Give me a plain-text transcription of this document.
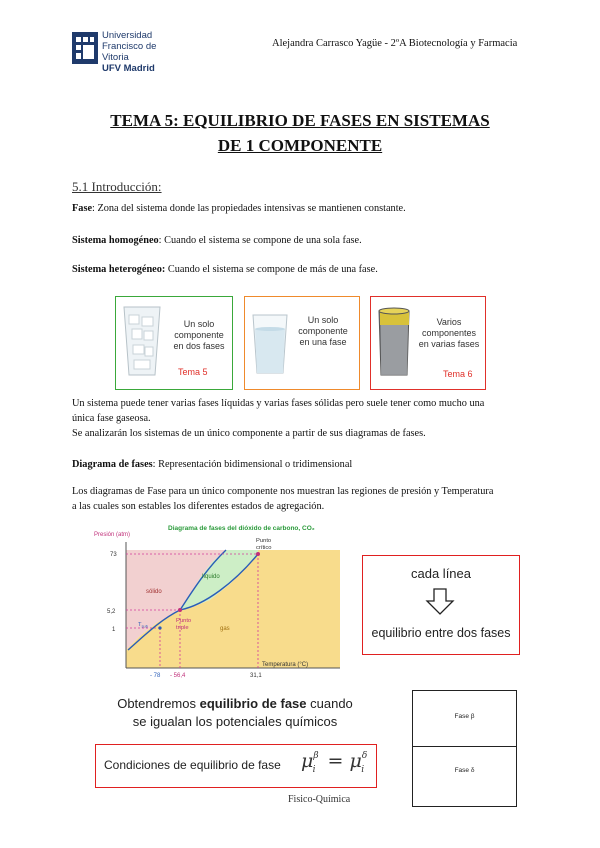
Universidad
Francisco de Vitoria
UFV Madrid
Alejandra Carrasco Yagüe - 2ºA Biotecnología y Farmacia
TEMA 5: EQUILIBRIO DE FASES EN SISTEMAS
DE 1 COMPONENTE
5.1 Introducción:
Fase: Zona del sistema donde las propiedades intensivas se mantienen constante.
Sistema homogéneo: Cuando el sistema se compone de una sola fase.
Sistema heterogéneo: Cuando el sistema se compone de más de una fase.
Un solo
componente
en dos fases
Tema 5
Un solo
componente
en una fase
Varios
componentes
en varias fases
Tema 6
Un sistema puede tener varias fases líquidas y varias fases sólidas pero suele tener como mucho una
única fase gaseosa.
Se analizarán los sistemas de un único componente a partir de sus diagramas de fases.
Diagrama de fases: Representación bidimensional o tridimensional
Los diagramas de Fase para un único componente nos muestran las regiones de presión y Temperatura
a las cuales son estables los diferentes estados de agregación.
Diagrama de fases del dióxido de carbono, CO₂
Presión (atm)
Temperatura (°C)
73
5,2
1
- 78 - 56,4	31,1
sólido
líquido
gas
Punto triple
Punto crítico
$T_{sub}$
cada línea
equilibrio entre dos fases
Obtendremos equilibrio de fase cuando
se igualan los potenciales químicos
Condiciones de equilibrio de fase $\mu^\beta_i = \mu^\delta_i$
Fase β
Fase δ
Fisico-Química
